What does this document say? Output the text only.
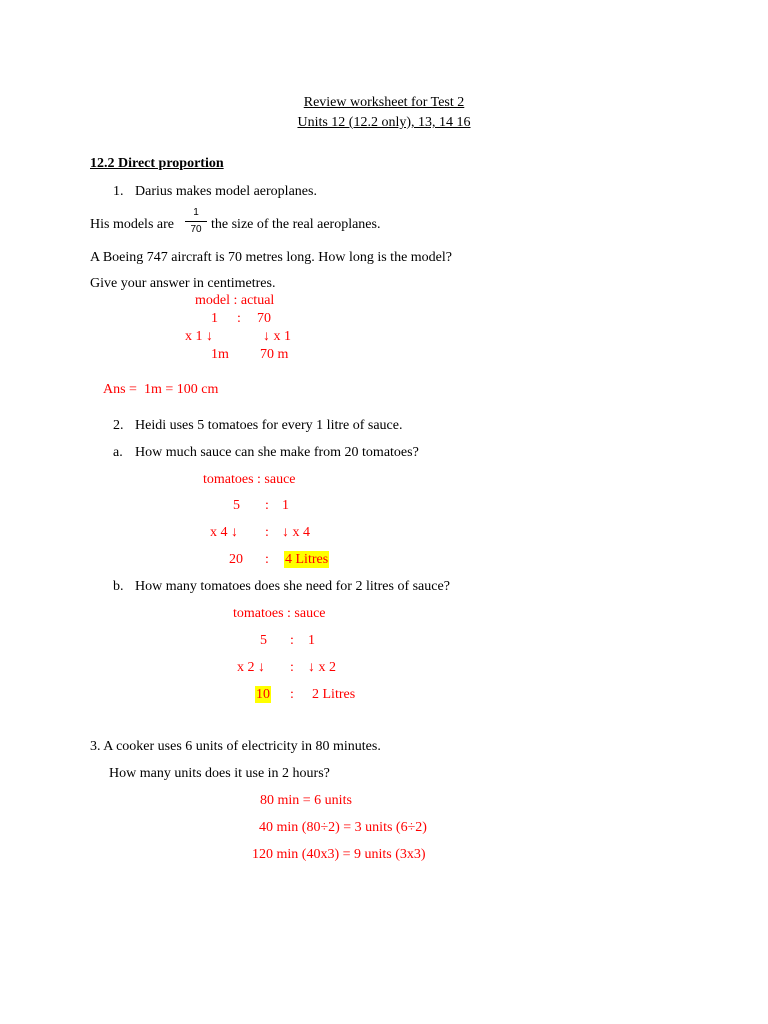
Review worksheet for Test 2
Units 12 (12.2 only), 13, 14 16
12.2 Direct proportion
1. Darius makes model aeroplanes.
His models are
1
70 the size of the real aeroplanes.
A Boeing 747 aircraft is 70 metres long. How long is the model?
Give your answer in centimetres.
model : actual
1 : 70
x 1 ↓	↓ x 1
1m 70 m
Ans =  1m = 100 cm
2. Heidi uses 5 tomatoes for every 1 litre of sauce.
a. How much sauce can she make from 20 tomatoes?
tomatoes : sauce
5 : 1
x 4 ↓ : ↓ x 4
20 : 4 Litres
b. How many tomatoes does she need for 2 litres of sauce?
tomatoes : sauce
5 : 1
x 2 ↓ : ↓ x 2
10 : 2 Litres
3. A cooker uses 6 units of electricity in 80 minutes.
How many units does it use in 2 hours?
80 min = 6 units
40 min (80÷2) = 3 units (6÷2)
120 min (40x3) = 9 units (3x3)
